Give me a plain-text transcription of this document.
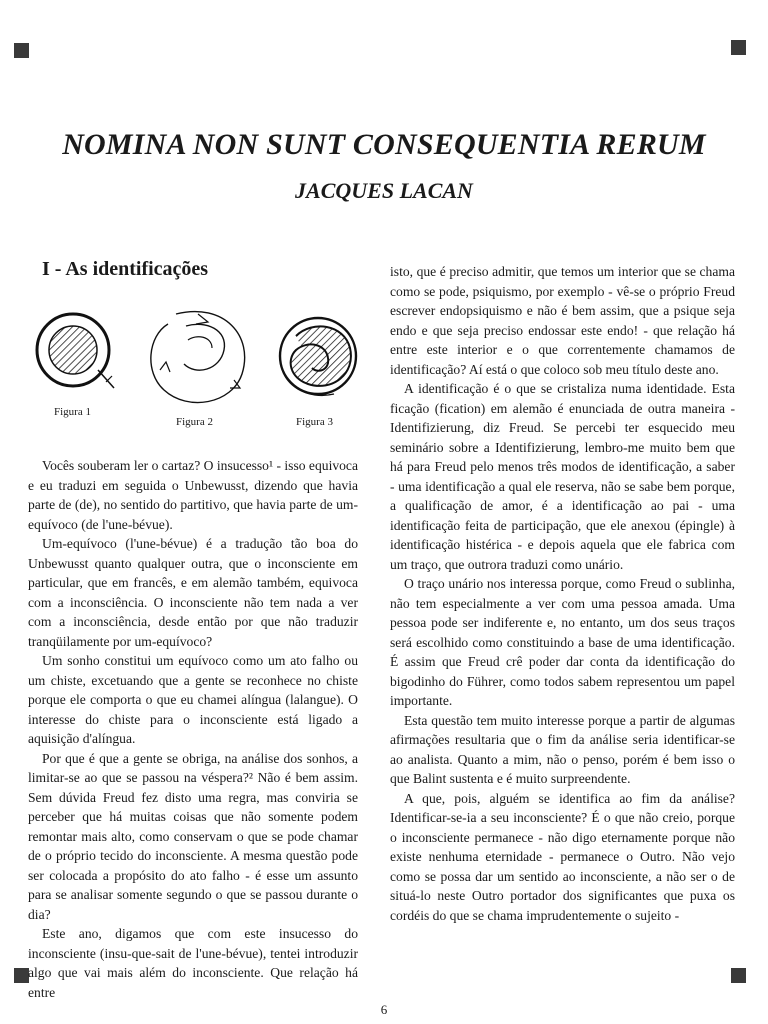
NOMINA NON SUNT CONSEQUENTIA RERUM
JACQUES LACAN
I - As identificações
Figura 1
Figura 2	Figura 3

Vocês souberam ler o cartaz? O insucesso¹ - isso equivoca e eu traduzi em seguida o Unbewusst, dizendo que havia parte de (de), no sentido do partitivo, que havia parte de um-equívoco (de l'une-bévue).

Um-equívoco (l'une-bévue) é a tradução tão boa do Unbewusst quanto qualquer outra, que o inconsciente em particular, que em francês, e em alemão também, equivoca com a inconsciência. O inconsciente não tem nada a ver com a inconsciência, desde então por que não traduzir tranqüilamente por um-equívoco?

Um sonho constitui um equívoco como um ato falho ou um chiste, excetuando que a gente se reconhece no chiste porque ele comporta o que eu chamei alíngua (lalangue). O interesse do chiste para o inconsciente está ligado a aquisição d'alíngua.

Por que é que a gente se obriga, na análise dos sonhos, a limitar-se ao que se passou na véspera?² Não é bem assim. Sem dúvida Freud fez disto uma regra, mas conviria se perceber que há muitas coisas que não somente podem remontar mais alto, como conservam o que se pode chamar de o próprio tecido do inconsciente. A mesma questão pode ser colocada a propósito do ato falho - é esse um assunto para se analisar somente segundo o que se passou durante o dia?

Este ano, digamos que com este insucesso do inconsciente (insu-que-sait de l'une-bévue), tentei introduzir algo que vai mais além do inconsciente. Que relação há entre

isto, que é preciso admitir, que temos um interior que se chama como se pode, psiquismo, por exemplo - vê-se o próprio Freud escrever endopsiquismo e não é bem assim, que a psique seja endo e que seja preciso endossar este endo! - que relação há entre este interior e o que correntemente chamamos de identificação? Aí está o que coloco sob meu título deste ano.

A identificação é o que se cristaliza numa identidade. Esta ficação (fication) em alemão é enunciada de outra maneira - Identifizierung, diz Freud. Se percebi ter esquecido meu seminário sobre a Identifizierung, lembro-me muito bem que há para Freud pelo menos três modos de identificação, a saber - uma identificação a qual ele reserva, não se sabe bem porque, a qualificação de amor, é a identificação ao pai - uma identificação feita de participação, que ele anexou (épingle) à identificação histérica - e depois aquela que ele fabrica com um traço, que outrora traduzi como unário.

O traço unário nos interessa porque, como Freud o sublinha, não tem especialmente a ver com uma pessoa amada. Uma pessoa pode ser indiferente e, no entanto, um dos seus traços será escolhido como constituindo a base de uma identificação. É assim que Freud crê poder dar conta da identificação do bigodinho do Führer, como todos sabem representou um papel importante.

Esta questão tem muito interesse porque a partir de algumas afirmações resultaria que o fim da análise seria identificar-se ao analista. Quanto a mim, não o penso, porém é bem isso o que Balint sustenta e é muito surpreendente.

A que, pois, alguém se identifica ao fim da análise? Identificar-se-ia a seu inconsciente? É o que não creio, porque o inconsciente permanece - não digo eternamente porque não existe nenhuma eternidade - permanece o Outro. Não vejo como se possa dar um sentido ao inconsciente, a não ser o de situá-lo neste Outro portador dos significantes que puxa os cordéis do que se chama imprudentemente o sujeito -

6
